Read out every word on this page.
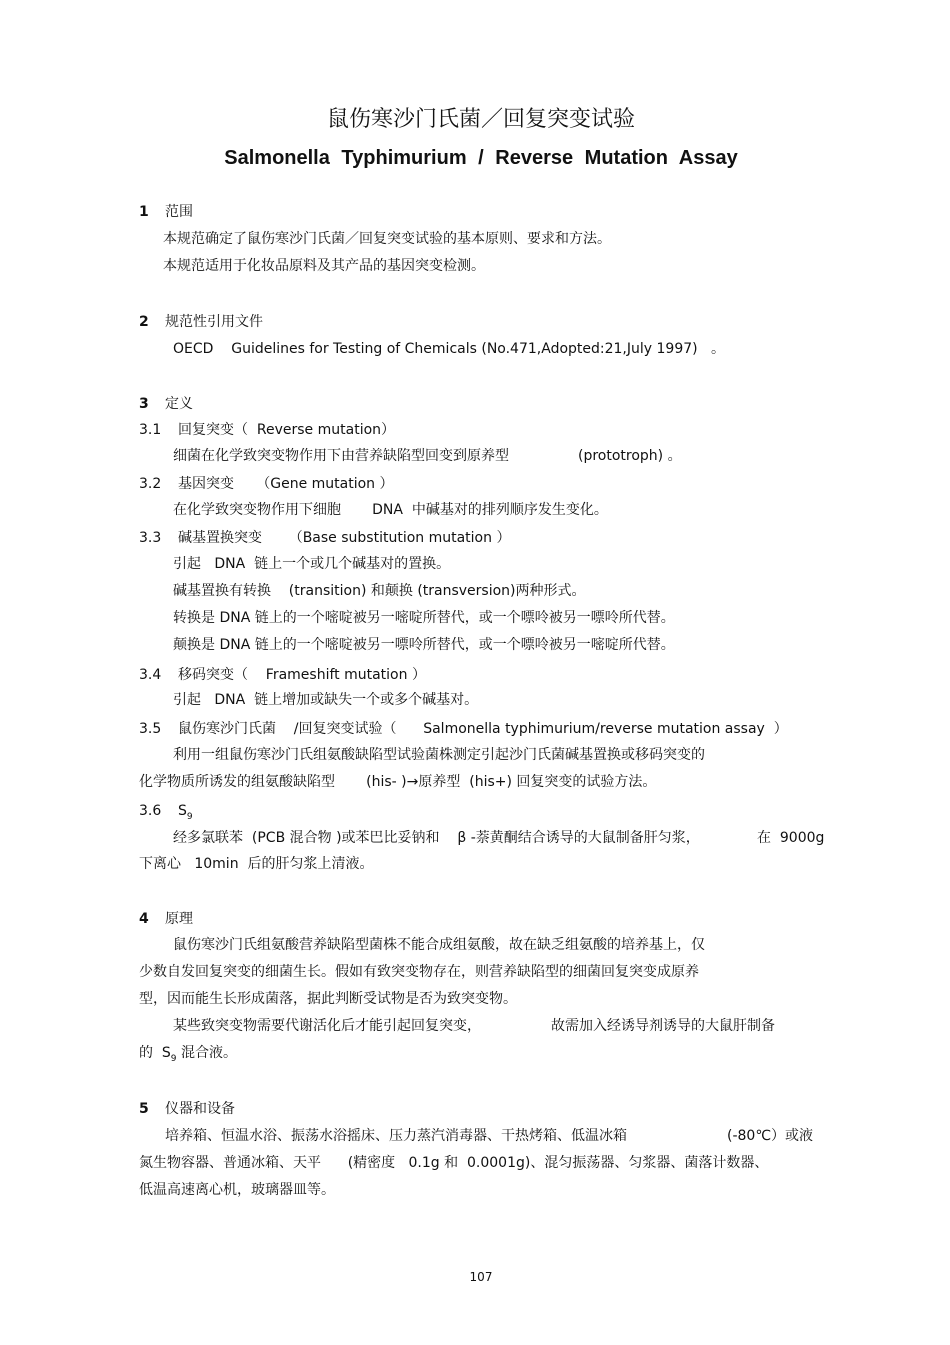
鼠伤寒沙门氏菌／回复突变试验
Salmonella Typhimurium / Reverse Mutation Assay
1 范围
本规范确定了鼠伤寒沙门氏菌／回复突变试验的基本原则、要求和方法。
本规范适用于化妆品原料及其产品的基因突变检测。
2 规范性引用文件
OECD    Guidelines for Testing of Chemicals (No.471,Adopted:21,July 1997)   。
3 定义
3.1 回复突变（  Reverse mutation）
细菌在化学致突变物作用下由营养缺陷型回变到原养型	(prototroph) 。
3.2 基因突变     （Gene mutation ）
在化学致突变物作用下细胞       DNA  中碱基对的排列顺序发生变化。
3.3 碱基置换突变      （Base substitution mutation ）
引起   DNA  链上一个或几个碱基对的置换。
碱基置换有转换    (transition) 和颠换 (transversion)两种形式。
转换是 DNA 链上的一个嘧啶被另一嘧啶所替代，或一个嘌呤被另一嘌呤所代替。
颠换是 DNA 链上的一个嘧啶被另一嘌呤所替代，或一个嘌呤被另一嘧啶所代替。
3.4 移码突变（    Frameshift mutation ）
引起   DNA  链上增加或缺失一个或多个碱基对。
3.5 鼠伤寒沙门氏菌    /回复突变试验（      Salmonella typhimurium/reverse mutation assay  ）
利用一组鼠伤寒沙门氏组氨酸缺陷型试验菌株测定引起沙门氏菌碱基置换或移码突变的
化学物质所诱发的组氨酸缺陷型       (his- )→原养型  (his+) 回复突变的试验方法。
3.6 $S_9$
经多氯联苯  (PCB 混合物 )或苯巴比妥钠和    β -萘黄酮结合诱导的大鼠制备肝匀浆，	在  9000g
下离心   10min  后的肝匀浆上清液。
4 原理
鼠伤寒沙门氏组氨酸营养缺陷型菌株不能合成组氨酸，故在缺乏组氨酸的培养基上，仅
少数自发回复突变的细菌生长。假如有致突变物存在，则营养缺陷型的细菌回复突变成原养
型，因而能生长形成菌落，据此判断受试物是否为致突变物。
某些致突变物需要代谢活化后才能引起回复突变，	故需加入经诱导剂诱导的大鼠肝制备
的  $S_9$ 混合液。
5 仪器和设备
培养箱、恒温水浴、振荡水浴摇床、压力蒸汽消毒器、干热烤箱、低温冰箱	(-80℃）或液
氮生物容器、普通冰箱、天平      (精密度   0.1g 和  0.0001g)、混匀振荡器、匀浆器、菌落计数器、
低温高速离心机，玻璃器皿等。
107
